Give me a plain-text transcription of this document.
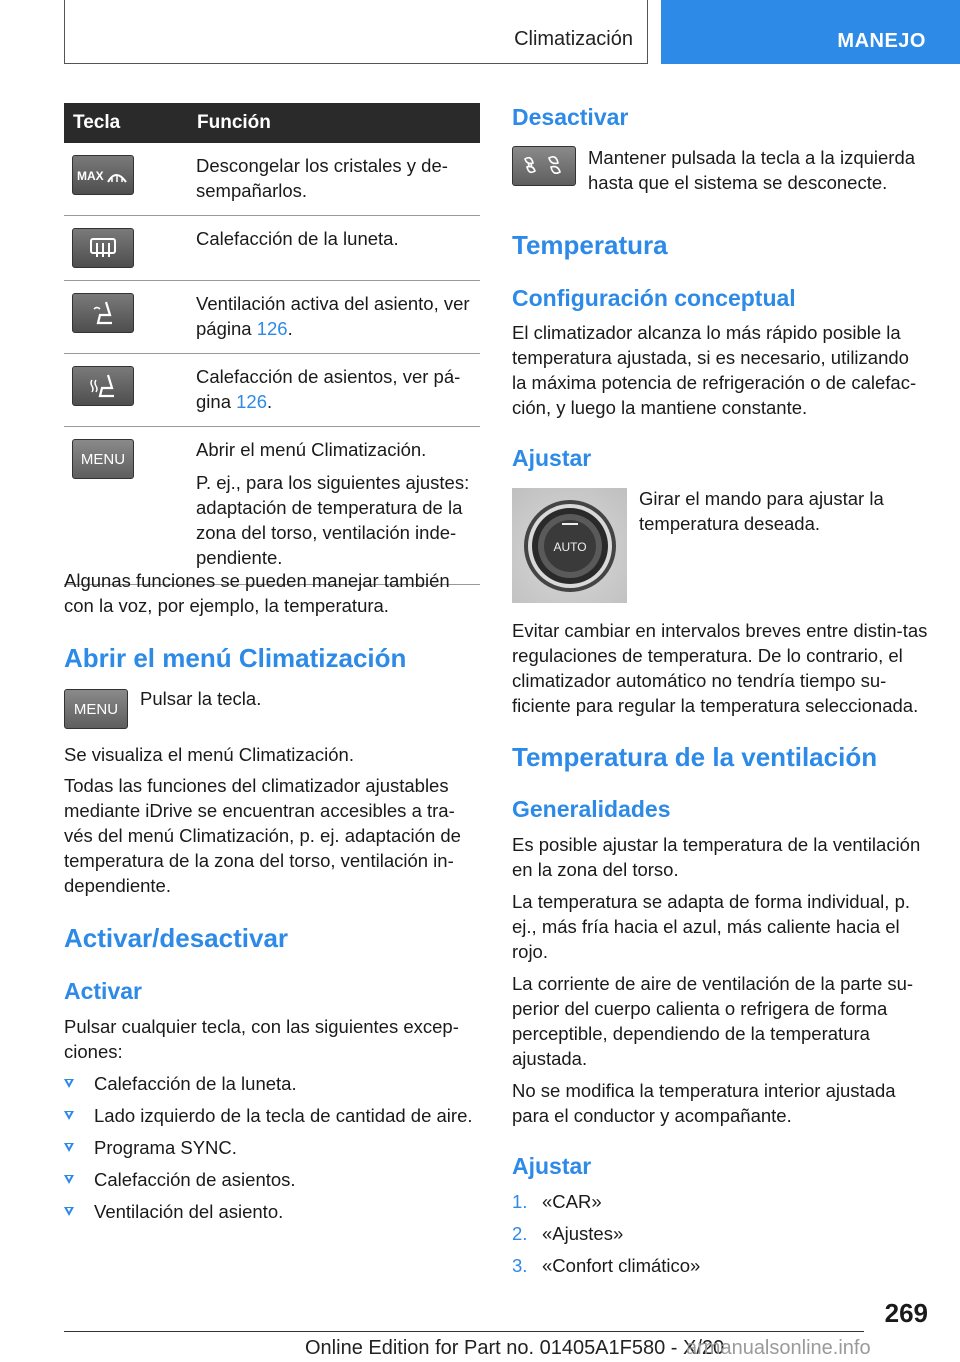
Climatización	MANEJO
Tecla	Función

MAX	Descongelar los cristales y de-sempañarlos.

Calefacción de la luneta.

Ventilación activa del asiento, ver página 126.

Calefacción de asientos, ver pá-gina 126.

MENU	Abrir el menú Climatización.

P. ej., para los siguientes ajustes: adaptación de temperatura de la zona del torso, ventilación inde-pendiente.

Algunas funciones se pueden manejar también con la voz, por ejemplo, la temperatura.

Abrir el menú Climatización
MENU Pulsar la tecla.

Se visualiza el menú Climatización.

Todas las funciones del climatizador ajustables mediante iDrive se encuentran accesibles a tra-vés del menú Climatización, p. ej. adaptación de temperatura de la zona del torso, ventilación in-dependiente.

Activar/desactivar
Activar

Pulsar cualquier tecla, con las siguientes excep-ciones:

Calefacción de la luneta.
Lado izquierdo de la tecla de cantidad de aire.
Programa SYNC.
Calefacción de asientos.
Ventilación del asiento.
Desactivar

Mantener pulsada la tecla a la izquierda hasta que el sistema se desconecte.

Temperatura
Configuración conceptual

El climatizador alcanza lo más rápido posible la temperatura ajustada, si es necesario, utilizando la máxima potencia de refrigeración o de calefac-ción, y luego la mantiene constante.

Ajustar
AUTO

Girar el mando para ajustar la temperatura deseada.

Evitar cambiar en intervalos breves entre distin-tas regulaciones de temperatura. De lo contrario, el climatizador automático no tendría tiempo su-ficiente para regular la temperatura seleccionada.

Temperatura de la ventilación
Generalidades

Es posible ajustar la temperatura de la ventilación en la zona del torso.

La temperatura se adapta de forma individual, p. ej., más fría hacia el azul, más caliente hacia el rojo.

La corriente de aire de ventilación de la parte su-perior del cuerpo calienta o refrigera de forma perceptible, dependiendo de la temperatura ajustada.

No se modifica la temperatura interior ajustada para el conductor y acompañante.

Ajustar
1. «CAR»
2. «Ajustes»
3. «Confort climático»
269
Online Edition for Part no. 01405A1F580 - X/20
armanualsonline.info
